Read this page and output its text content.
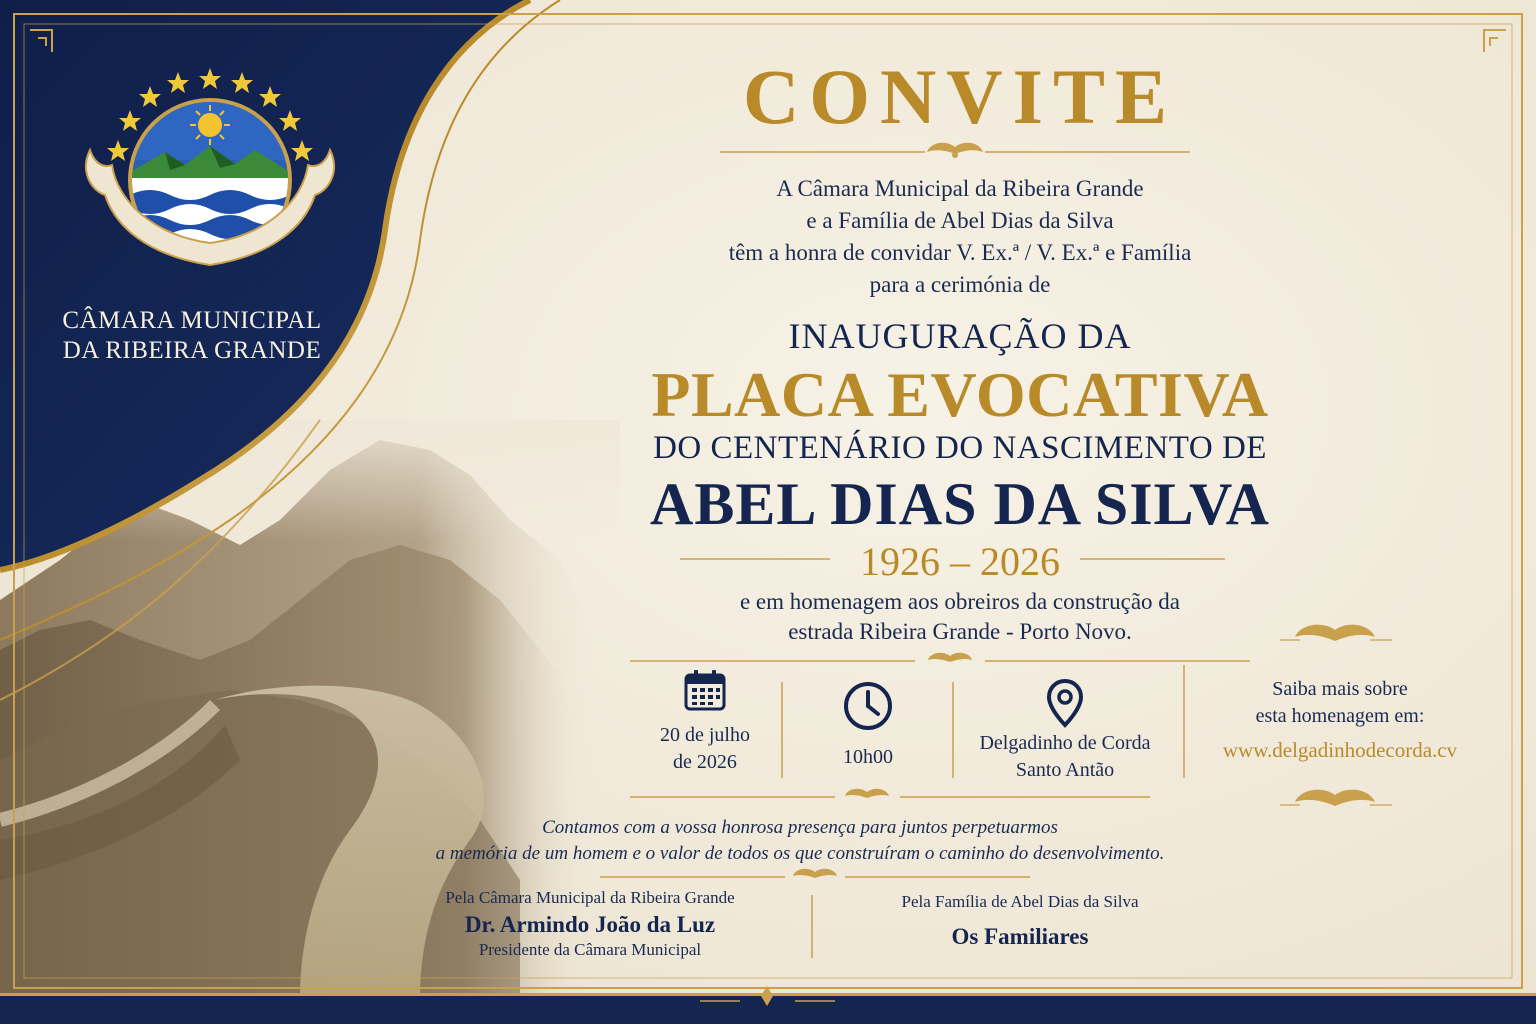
MUNICÍPIO DA RIBEIRA GRANDE
CÂMARA MUNICIPAL
DA RIBEIRA GRANDE
CONVITE
A Câmara Municipal da Ribeira Grande
e a Família de Abel Dias da Silva
têm a honra de convidar V. Ex.ª / V. Ex.ª e Família
para a cerimónia de
INAUGURAÇÃO DA
PLACA EVOCATIVA
DO CENTENÁRIO DO NASCIMENTO DE
ABEL DIAS DA SILVA
1926 – 2026
e em homenagem aos obreiros da construção da
estrada Ribeira Grande - Porto Novo.
20 de julho
de 2026	10h00
Delgadinho de Corda
Santo Antão
Saiba mais sobre
esta homenagem em:
www.delgadinhodecorda.cv
Contamos com a vossa honrosa presença para juntos perpetuarmos
a memória de um homem e o valor de todos os que construíram o caminho do desenvolvimento.
Pela Câmara Municipal da Ribeira Grande
Dr. Armindo João da Luz
Presidente da Câmara Municipal
Pela Família de Abel Dias da Silva
Os Familiares
